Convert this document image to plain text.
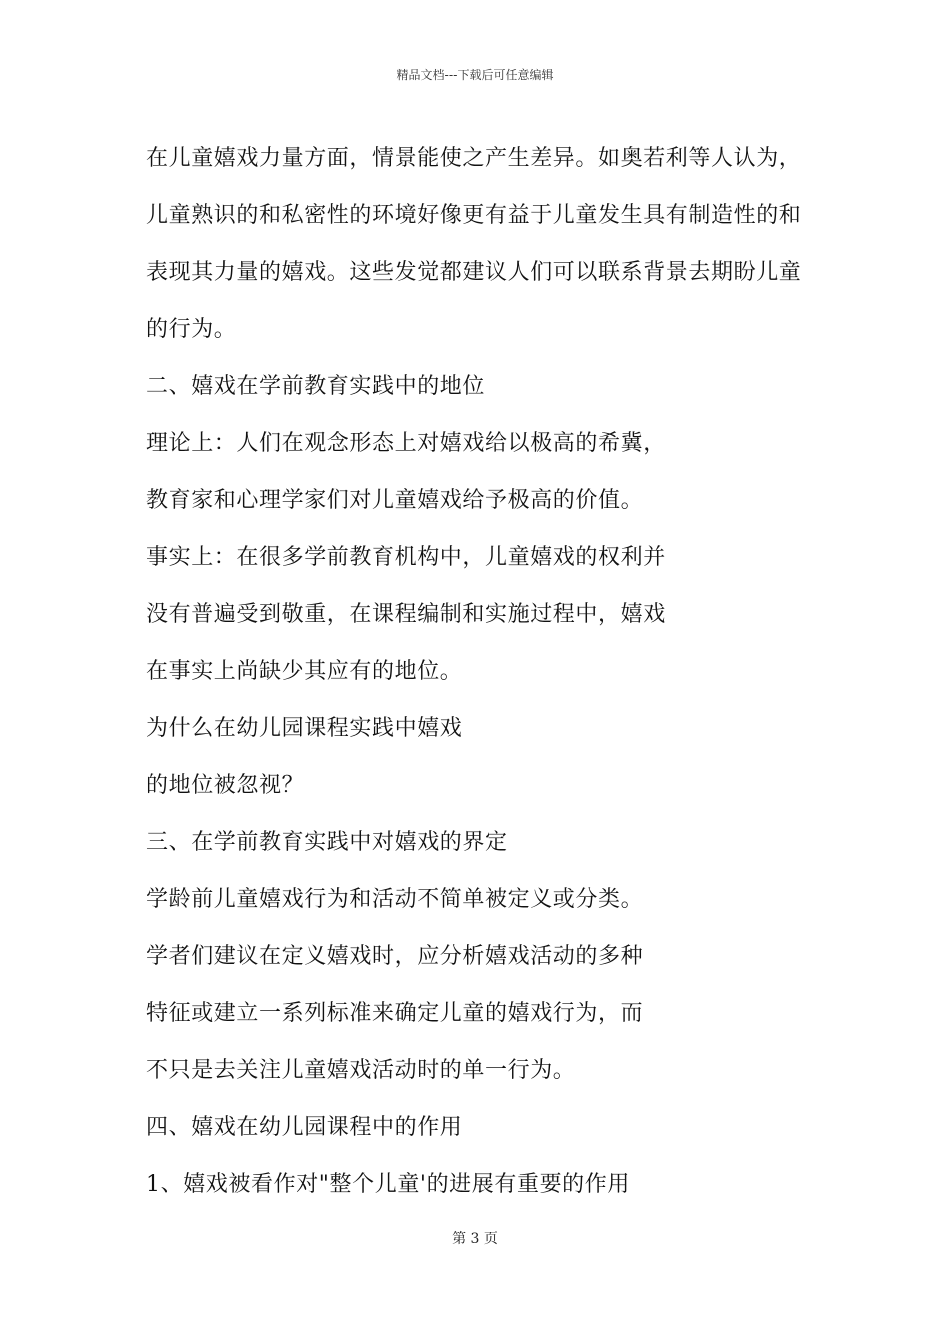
精品文档---下载后可任意编辑
在儿童嬉戏力量方面，情景能使之产生差异。如奥若利等人认为，
儿童熟识的和私密性的环境好像更有益于儿童发生具有制造性的和
表现其力量的嬉戏。这些发觉都建议人们可以联系背景去期盼儿童
的行为。
二、嬉戏在学前教育实践中的地位
理论上：人们在观念形态上对嬉戏给以极高的希冀，
教育家和心理学家们对儿童嬉戏给予极高的价值。
事实上：在很多学前教育机构中，儿童嬉戏的权利并
没有普遍受到敬重，在课程编制和实施过程中，嬉戏
在事实上尚缺少其应有的地位。
为什么在幼儿园课程实践中嬉戏
的地位被忽视？
三、在学前教育实践中对嬉戏的界定
学龄前儿童嬉戏行为和活动不简单被定义或分类。
学者们建议在定义嬉戏时，应分析嬉戏活动的多种
特征或建立一系列标准来确定儿童的嬉戏行为，而
不只是去关注儿童嬉戏活动时的单一行为。
四、嬉戏在幼儿园课程中的作用
1、嬉戏被看作对"整个儿童'的进展有重要的作用
第 3 页
